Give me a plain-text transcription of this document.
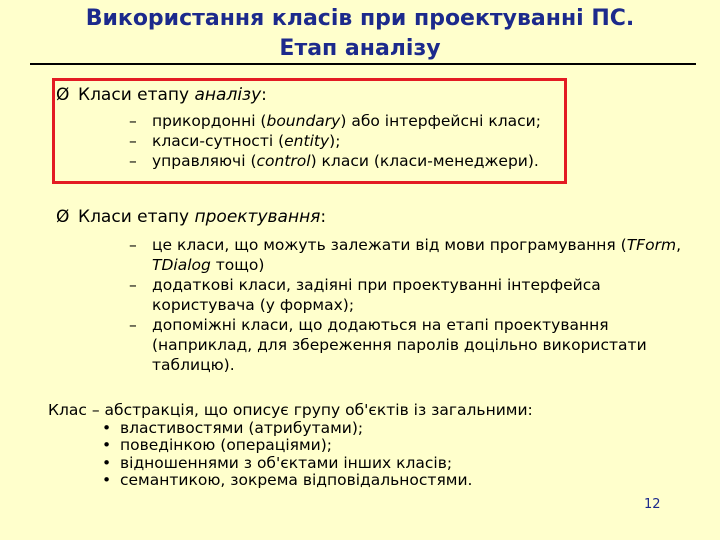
Використання класів при проектуванні ПС.
Етап аналізу
Ø Класи етапу аналізу:
– прикордонні (boundary) або інтерфейсні класи;
– класи-сутності (entity);
– управляючі (control) класи (класи-менеджери).
Ø Класи етапу проектування:
– це класи, що можуть залежати від мови програмування (TForm,
TDialog тощо)
– додаткові класи, задіяні при проектуванні інтерфейса
користувача (у формах);
– допоміжні класи, що додаються на етапі проектування
(наприклад, для збереження паролів доцільно використати
таблицю).
Клас – абстракція, що описує групу об'єктів із загальними:
• властивостями (атрибутами);
• поведінкою (операціями);
• відношеннями з об'єктами інших класів;
• семантикою, зокрема відповідальностями.
12
